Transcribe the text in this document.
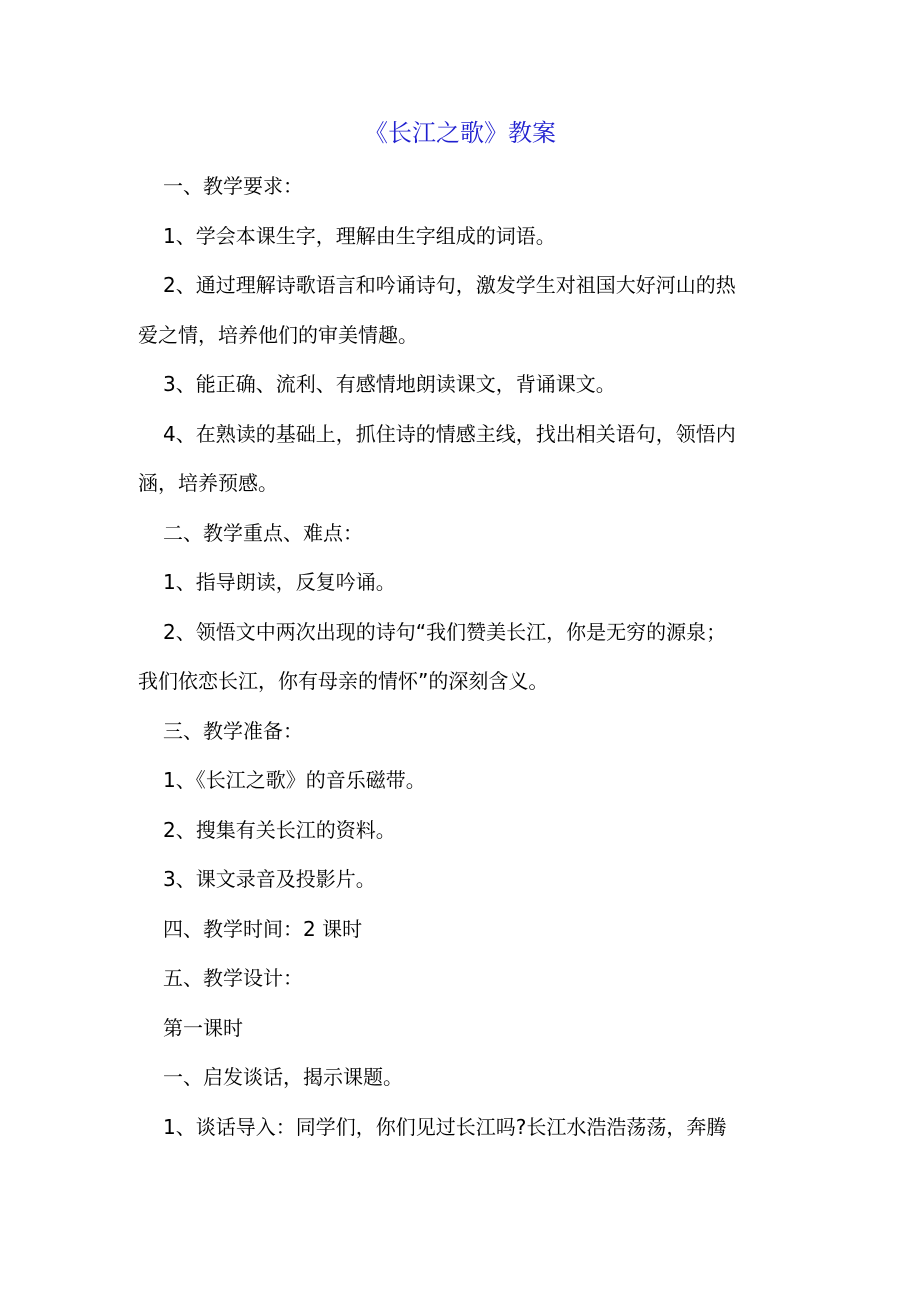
《长江之歌》教案

一、教学要求：

1、学会本课生字，理解由生字组成的词语。

2、通过理解诗歌语言和吟诵诗句，激发学生对祖国大好河山的热
爱之情，培养他们的审美情趣。

3、能正确、流利、有感情地朗读课文，背诵课文。

4、在熟读的基础上，抓住诗的情感主线，找出相关语句，领悟内
涵，培养预感。

二、教学重点、难点：

1、指导朗读，反复吟诵。

2、领悟文中两次出现的诗句“我们赞美长江，你是无穷的源泉；
我们依恋长江，你有母亲的情怀”的深刻含义。

三、教学准备：

1、《长江之歌》的音乐磁带。

2、搜集有关长江的资料。

3、课文录音及投影片。

四、教学时间：2 课时

五、教学设计：

第一课时

一、启发谈话，揭示课题。

1、谈话导入：同学们，你们见过长江吗?长江水浩浩荡荡，奔腾
